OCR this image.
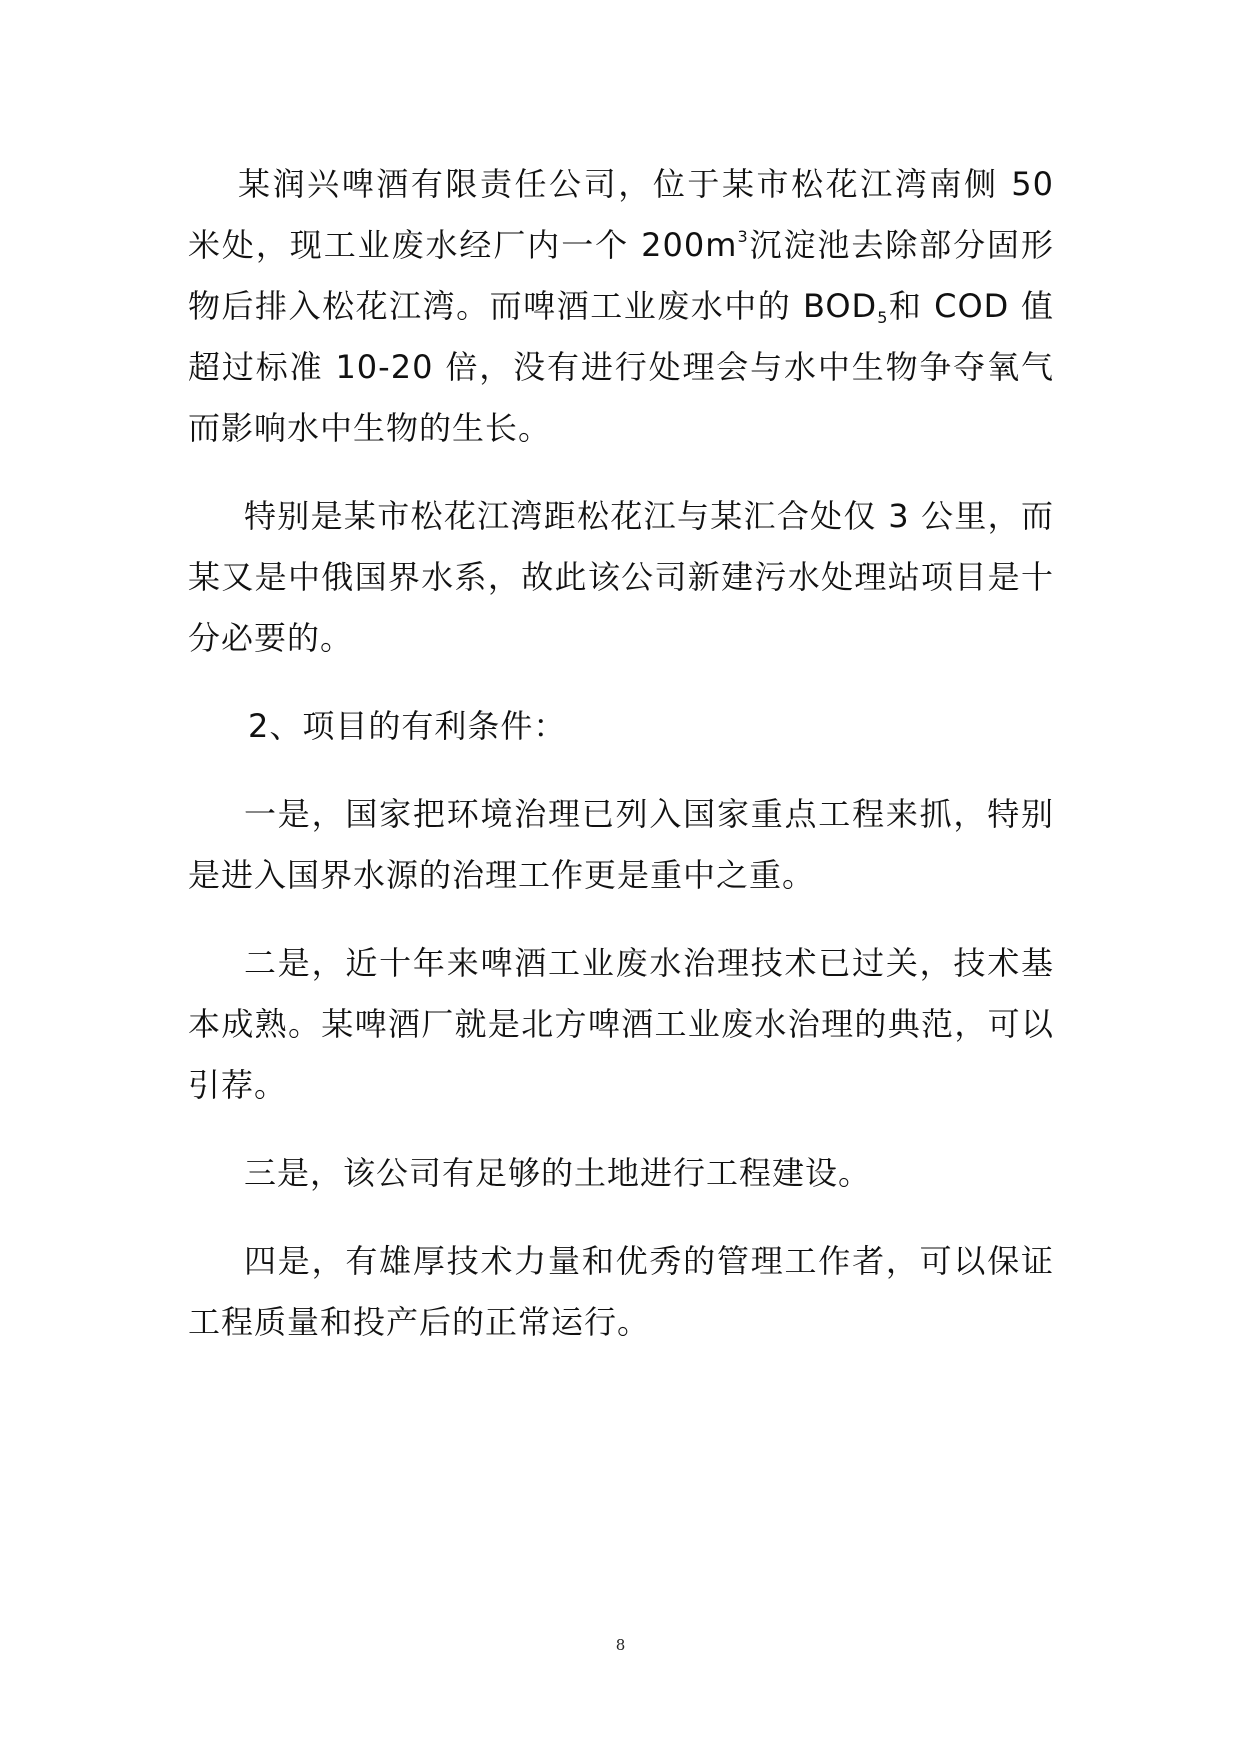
某润兴啤酒有限责任公司，位于某市松花江湾南侧 50 米处，现工业废水经厂内一个 $200m^3$沉淀池去除部分固形物后排入松花江湾。而啤酒工业废水中的 $BOD_5$和 COD 值超过标准 10-20 倍，没有进行处理会与水中生物争夺氧气而影响水中生物的生长。

特别是某市松花江湾距松花江与某汇合处仅 3 公里，而某又是中俄国界水系，故此该公司新建污水处理站项目是十分必要的。

2、项目的有利条件：

一是，国家把环境治理已列入国家重点工程来抓，特别是进入国界水源的治理工作更是重中之重。

二是，近十年来啤酒工业废水治理技术已过关，技术基本成熟。某啤酒厂就是北方啤酒工业废水治理的典范，可以引荐。

三是，该公司有足够的土地进行工程建设。

四是，有雄厚技术力量和优秀的管理工作者，可以保证工程质量和投产后的正常运行。

8
